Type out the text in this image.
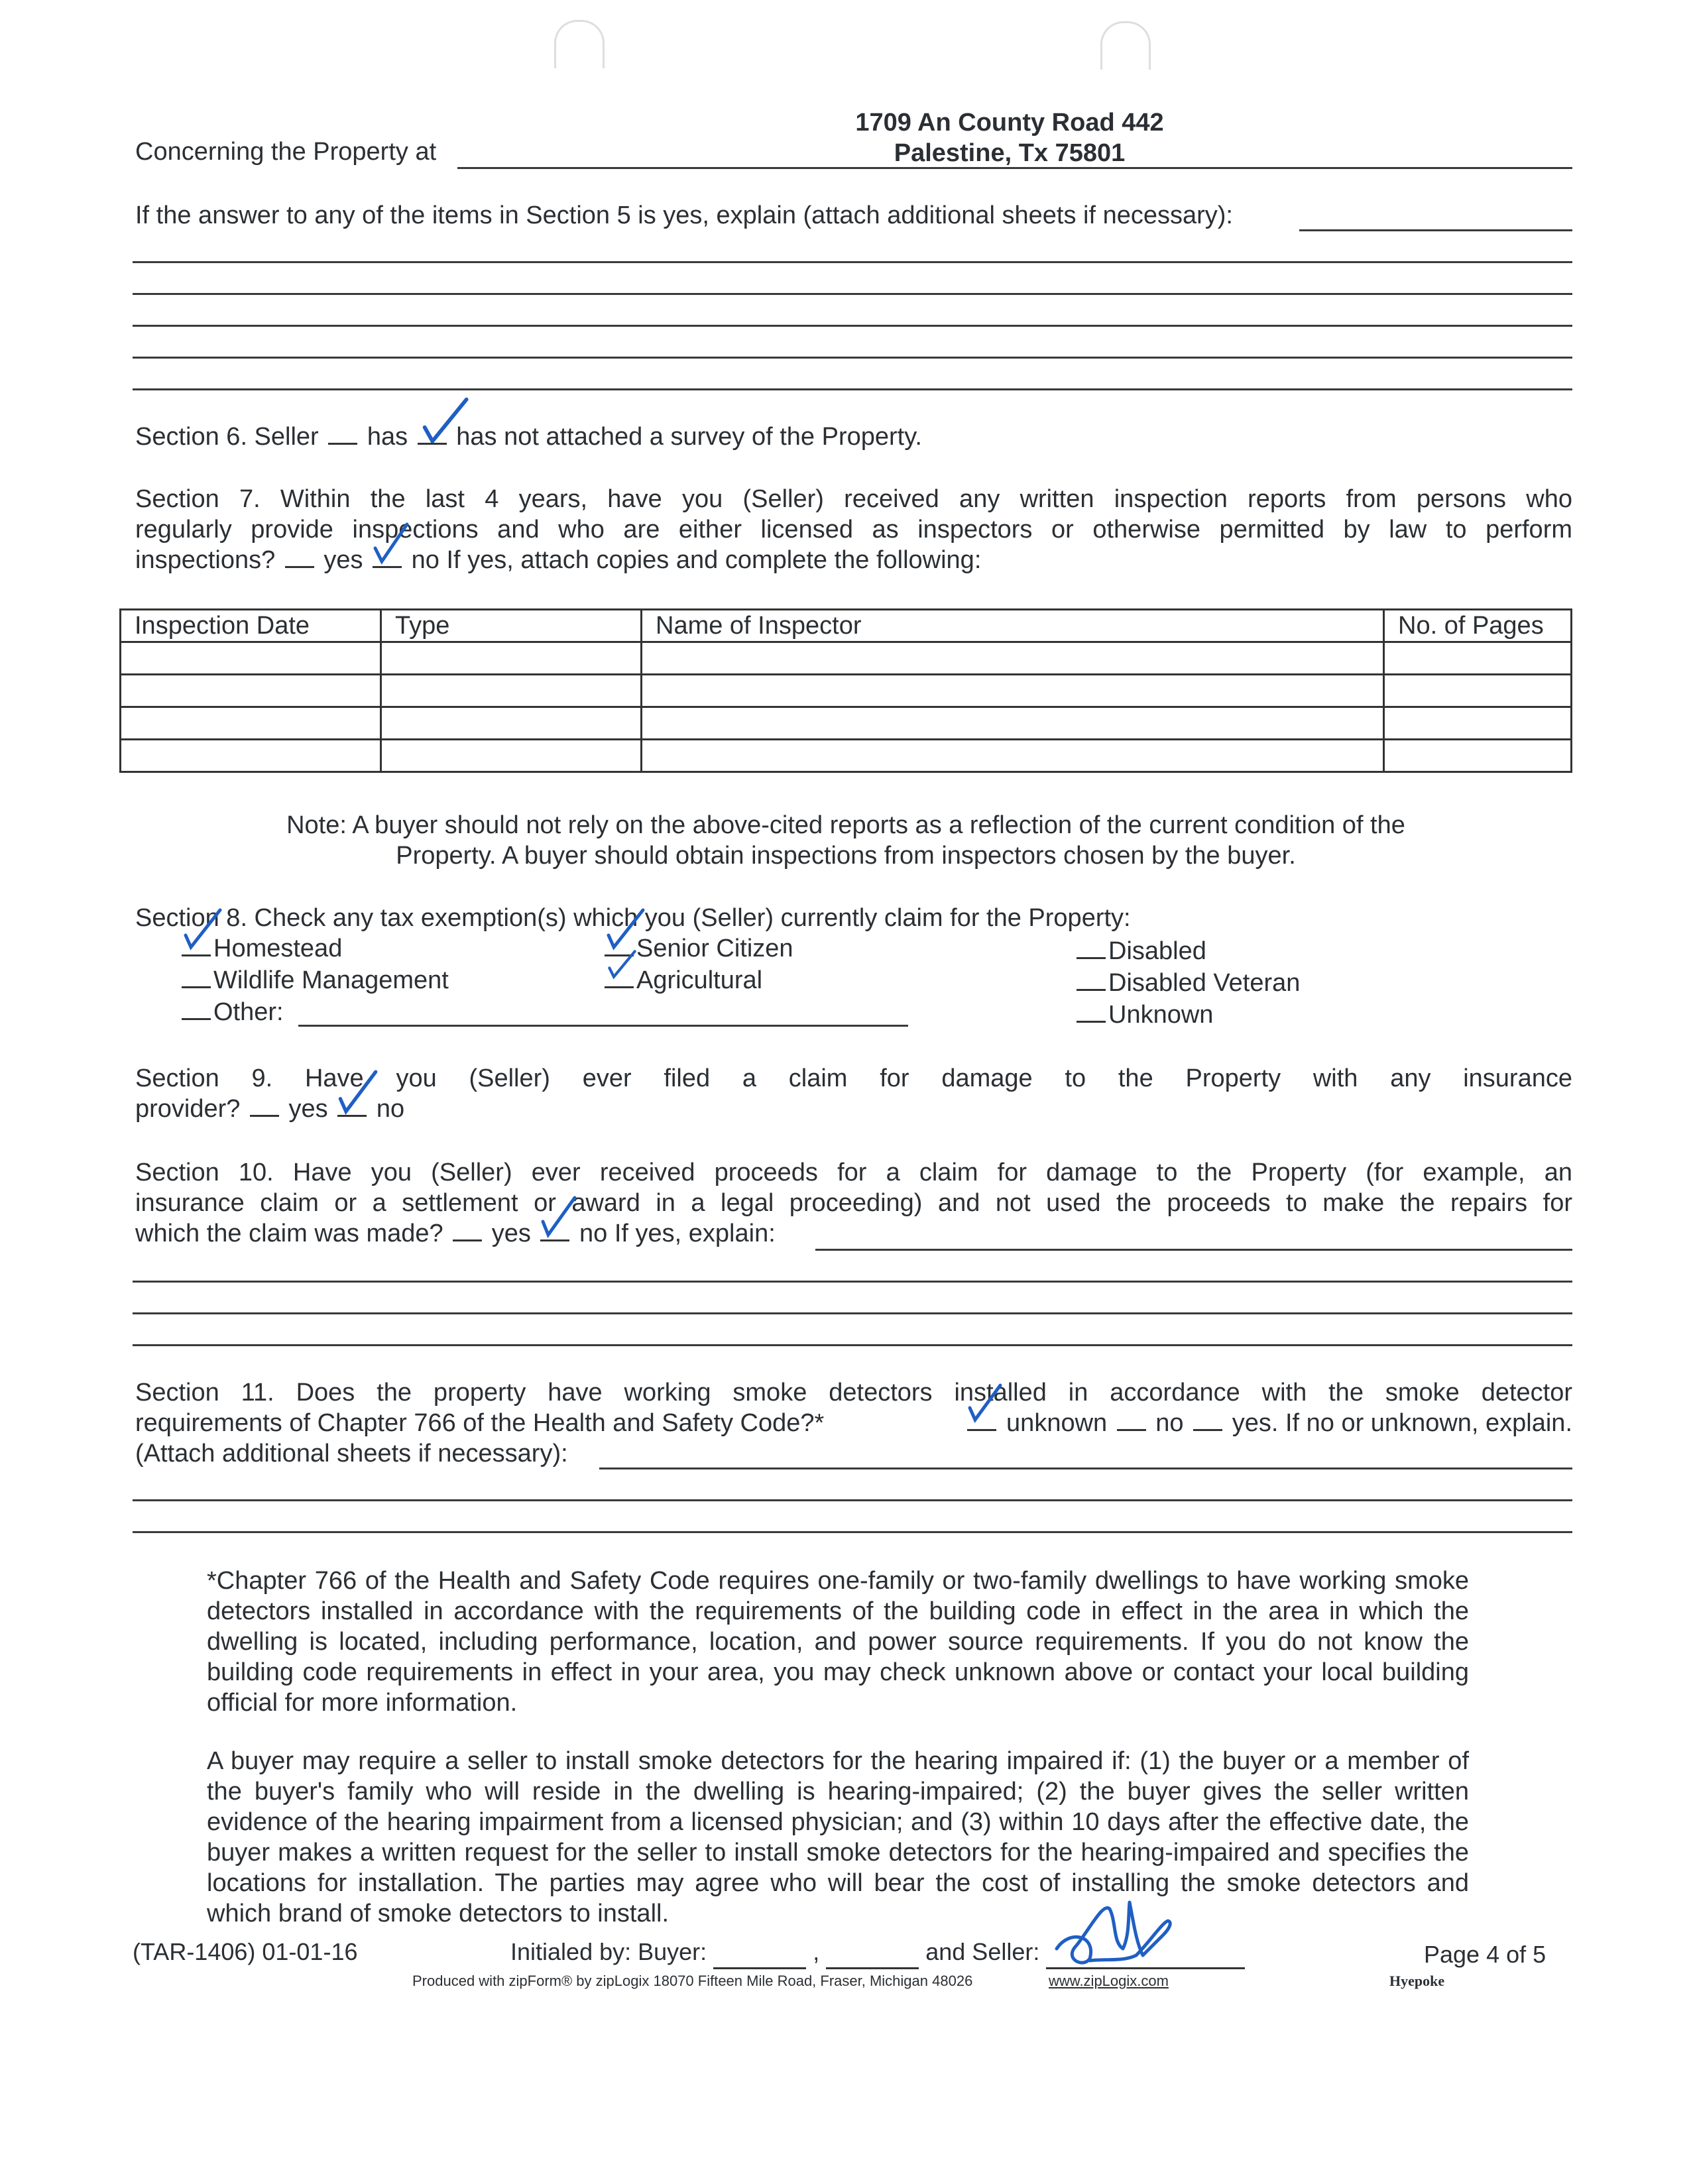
Concerning the Property at
1709 An County Road 442
Palestine, Tx 75801
If the answer to any of the items in Section 5 is yes, explain (attach additional sheets if necessary):
Section 6. Seller has has not attached a survey of the Property.
Section 7. Within the last 4 years, have you (Seller) received any written inspection reports from persons who
regularly provide inspections and who are either licensed as inspectors or otherwise permitted by law to perform
inspections? yes no If yes, attach copies and complete the following:
Inspection Date	Type	Name of Inspector	No. of Pages

Note: A buyer should not rely on the above-cited reports as a reflection of the current condition of the
Property. A buyer should obtain inspections from inspectors chosen by the buyer.
Section 8. Check any tax exemption(s) which you (Seller) currently claim for the Property:
Homestead	Senior Citizen	Disabled
Wildlife Management	Agricultural	Disabled Veteran
Other:	Unknown
Section 9. Have you (Seller) ever filed a claim for damage to the Property with any insurance
provider? yes no
Section 10. Have you (Seller) ever received proceeds for a claim for damage to the Property (for example, an
insurance claim or a settlement or award in a legal proceeding) and not used the proceeds to make the repairs for
which the claim was made? yes no If yes, explain:
Section 11. Does the property have working smoke detectors installed in accordance with the smoke detector
requirements of Chapter 766 of the Health and Safety Code?*	unknown no yes. If no or unknown, explain.
(Attach additional sheets if necessary):
*Chapter 766 of the Health and Safety Code requires one-family or two-family dwellings to have working smoke detectors installed in accordance with the requirements of the building code in effect in the area in which the dwelling is located, including performance, location, and power source requirements. If you do not know the building code requirements in effect in your area, you may check unknown above or contact your local building official for more information.
A buyer may require a seller to install smoke detectors for the hearing impaired if: (1) the buyer or a member of the buyer's family who will reside in the dwelling is hearing-impaired; (2) the buyer gives the seller written evidence of the hearing impairment from a licensed physician; and (3) within 10 days after the effective date, the buyer makes a written request for the seller to install smoke detectors for the hearing-impaired and specifies the locations for installation. The parties may agree who will bear the cost of installing the smoke detectors and which brand of smoke detectors to install.
(TAR-1406) 01-01-16	Initialed by: Buyer:	,	and Seller:	Page 4 of 5
Produced with zipForm® by zipLogix 18070 Fifteen Mile Road, Fraser, Michigan 48026	www.zipLogix.com	Hyepoke
